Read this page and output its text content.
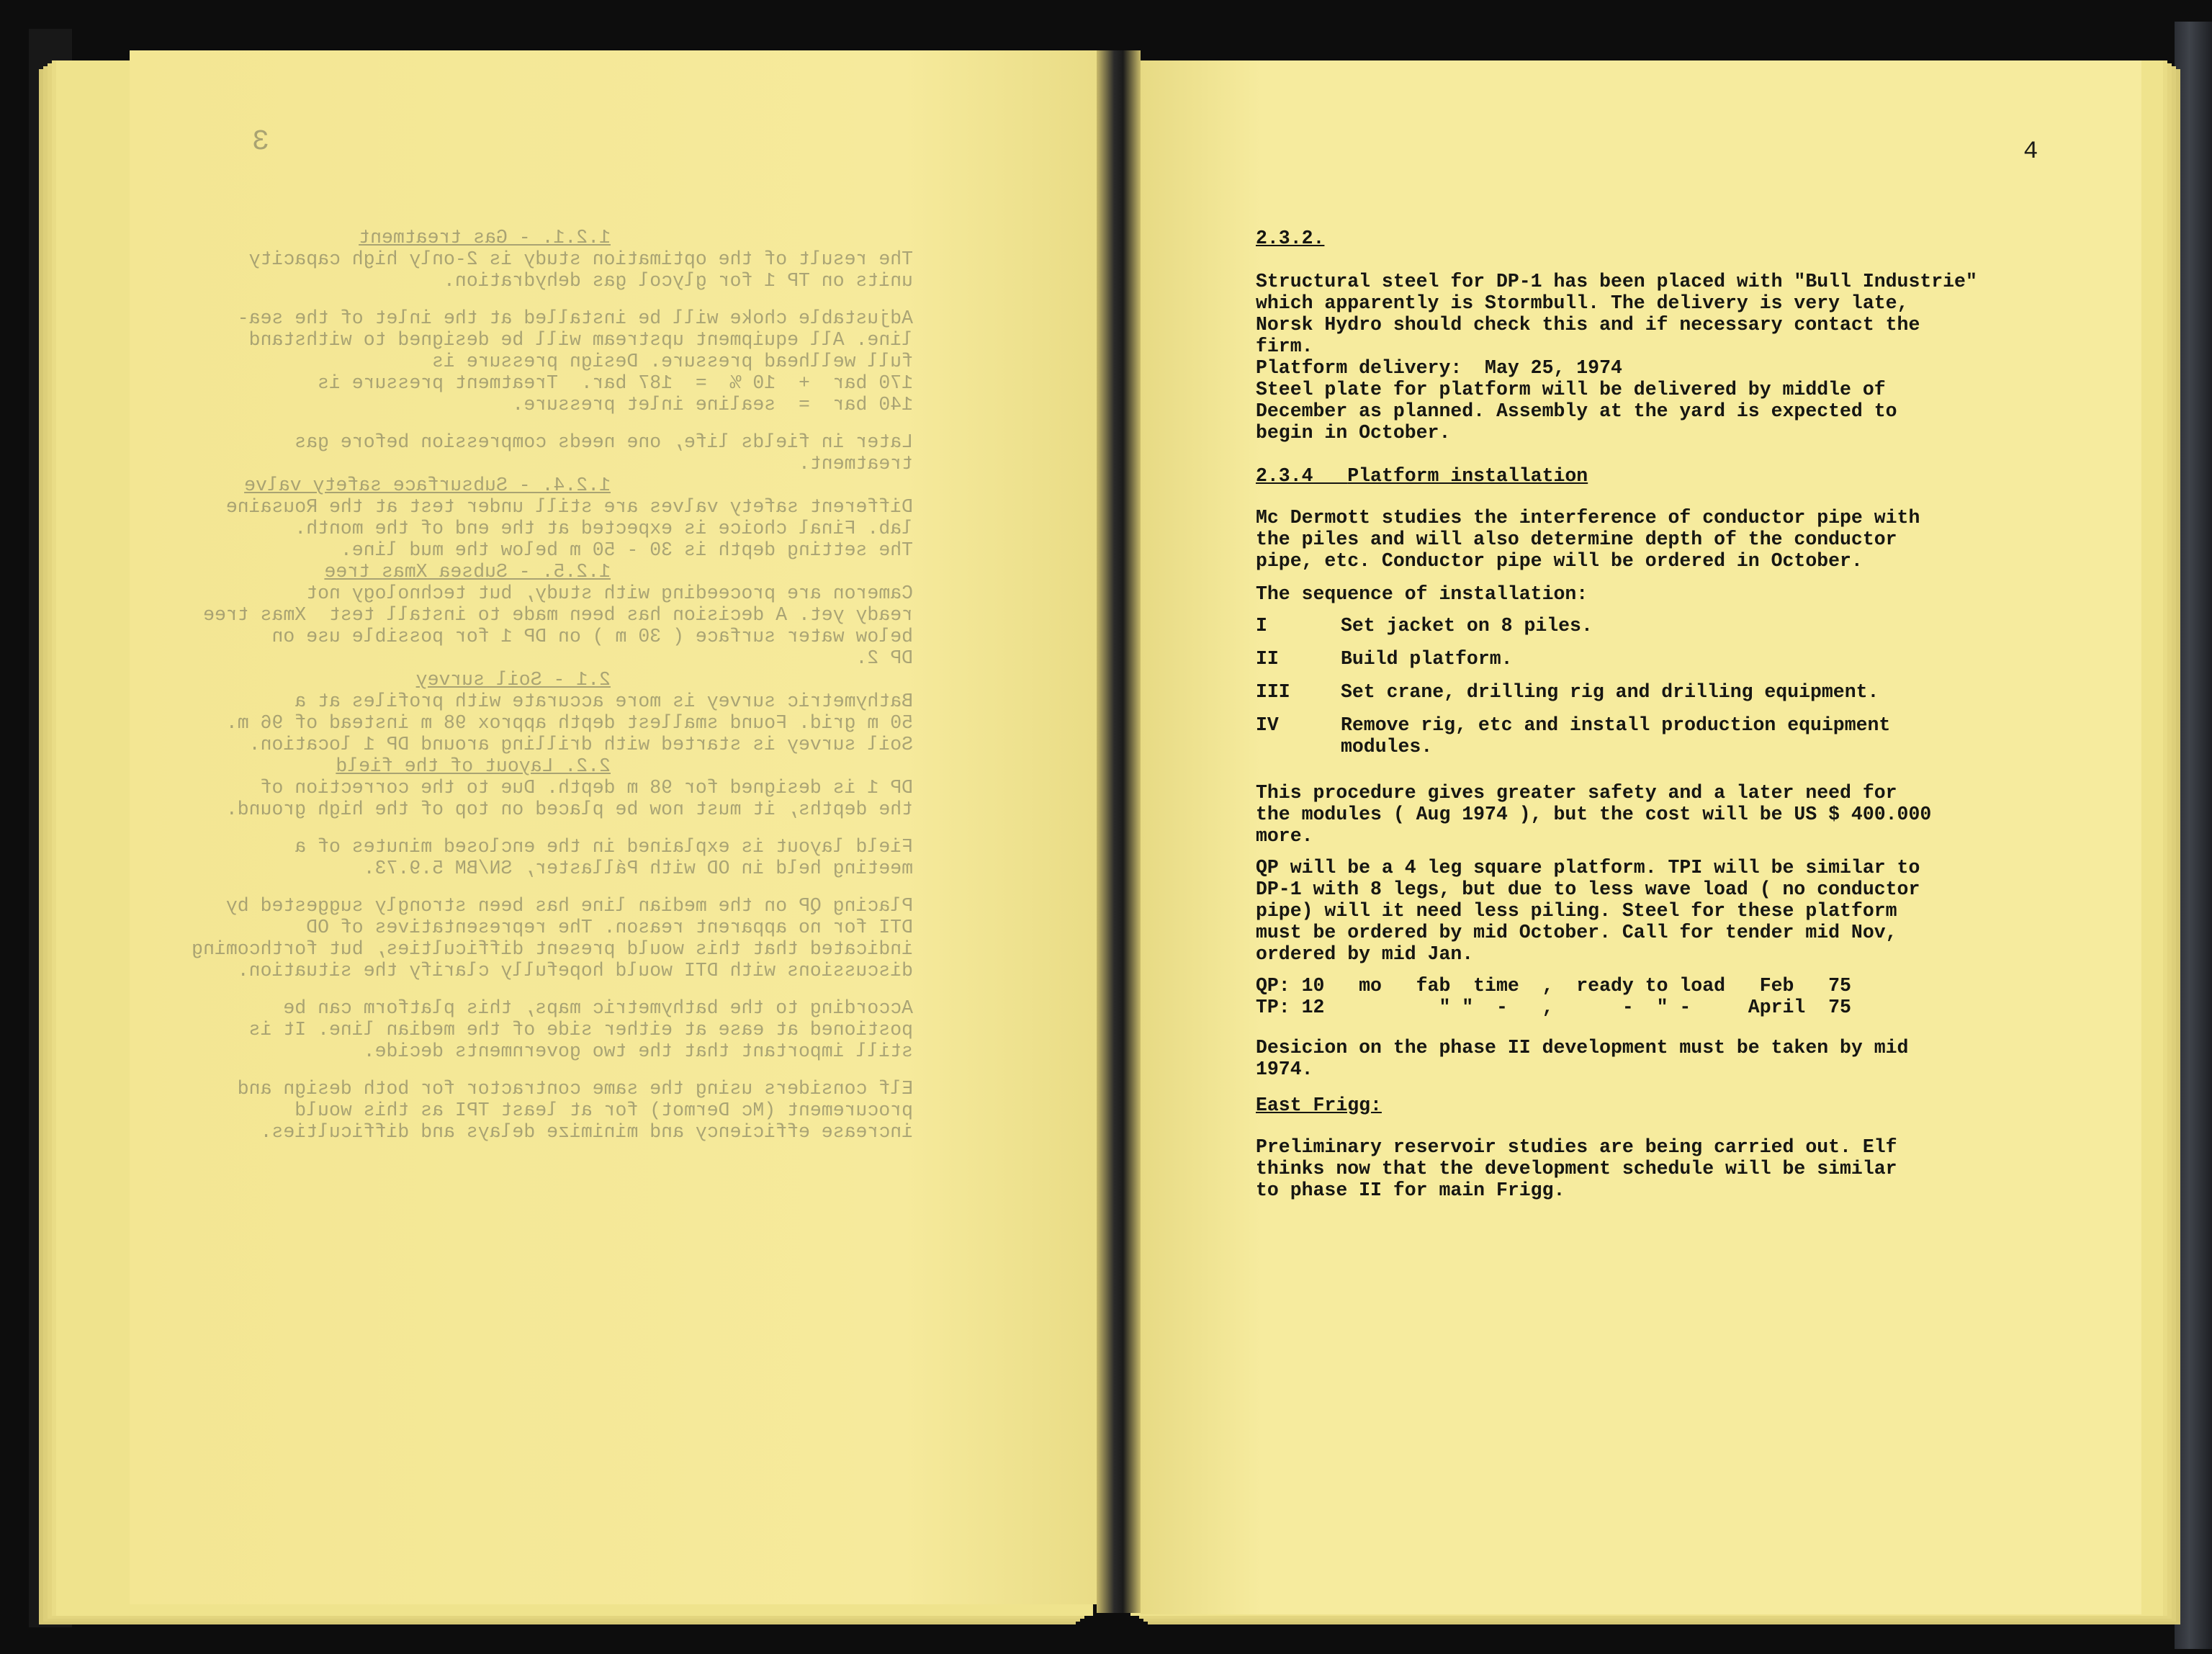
3
1.2.1. - Gas treatment
The result of the optimation study is 2-only high capacity
units on TP 1 for glycol gas dehydration.
Adjustable choke will be installed at the inlet of the sea-
line. All equipment upstream will be designed to withstand
full wellhead pressure. Design pressure is
170 bar  +  10 %  =  187 bar.  Treatment pressure is
140 bar  =  sealine inlet pressure.
Later in fields life, one needs compression before gas
treatment.
1.2.4. - Subsurface safety valve
Different safety valves are still under test at the Rousaine
lab. Final choice is expected at the end of the month.
The setting depth is 30 - 50 m below the mud line.
1.2.5. - Subsea Xmas tree
Cameron are proceeding with study, but technology not
ready yet. A decision has been made to install test  Xmas tree
below water surface ( 30 m ) on DP 1 for possible use on
DP 2.
2.1 - Soil survey
Bathymetric survey is more accurate with profiles at a
50 m grid. Found smallest depth approx 98 m instead of 96 m.
Soil survey is started with drilling around DP 1 location.
2.2. Layout of the field
DP 1 is designed for 98 m depth. Due to the correction of
the depths, it must now be placed on top of the high ground.
Field layout is explained in the enclosed minutes of a
meeting held in OD with Pállaster, SN/BM 5.9.73.
Placing QP on the median line has been strongly suggested by
DTI for no apparent reason. The representatives of OD
indicated that this would present difficulties, but forthcoming
discussions with DTI would hopefully clarify the situation.
According to the bathymetric maps, this platform can be
postioned at ease at either side of the median line. It is
still important that the two governments decide.
Elf considers using the same contractor for both design and
procurement (Mc Dermot) for at least TPI as this would
increase efficiency and minimize delays and difficulties.
4
2.3.2.
Structural steel for DP-1 has been placed with "Bull Industrie"
which apparently is Stormbull. The delivery is very late,
Norsk Hydro should check this and if necessary contact the
firm.
Platform delivery:  May 25, 1974
Steel plate for platform will be delivered by middle of
December as planned. Assembly at the yard is expected to
begin in October.
2.3.4 Platform installation
Mc Dermott studies the interference of conductor pipe with
the piles and will also determine depth of the conductor
pipe, etc. Conductor pipe will be ordered in October.
The sequence of installation:
I	Set jacket on 8 piles.
II	Build platform.
III	Set crane, drilling rig and drilling equipment.
IV	Remove rig, etc and install production equipment
modules.
This procedure gives greater safety and a later need for
the modules ( Aug 1974 ), but the cost will be US $ 400.000
more.
QP will be a 4 leg square platform. TPI will be similar to
DP-1 with 8 legs, but due to less wave load ( no conductor
pipe) will it need less piling. Steel for these platform
must be ordered by mid October. Call for tender mid Nov,
ordered by mid Jan.
QP: 10   mo   fab  time  ,  ready to load   Feb   75
TP: 12          " "  -   ,      -  " -     April  75
Desicion on the phase II development must be taken by mid
1974.
East Frigg:
Preliminary reservoir studies are being carried out. Elf
thinks now that the development schedule will be similar
to phase II for main Frigg.
